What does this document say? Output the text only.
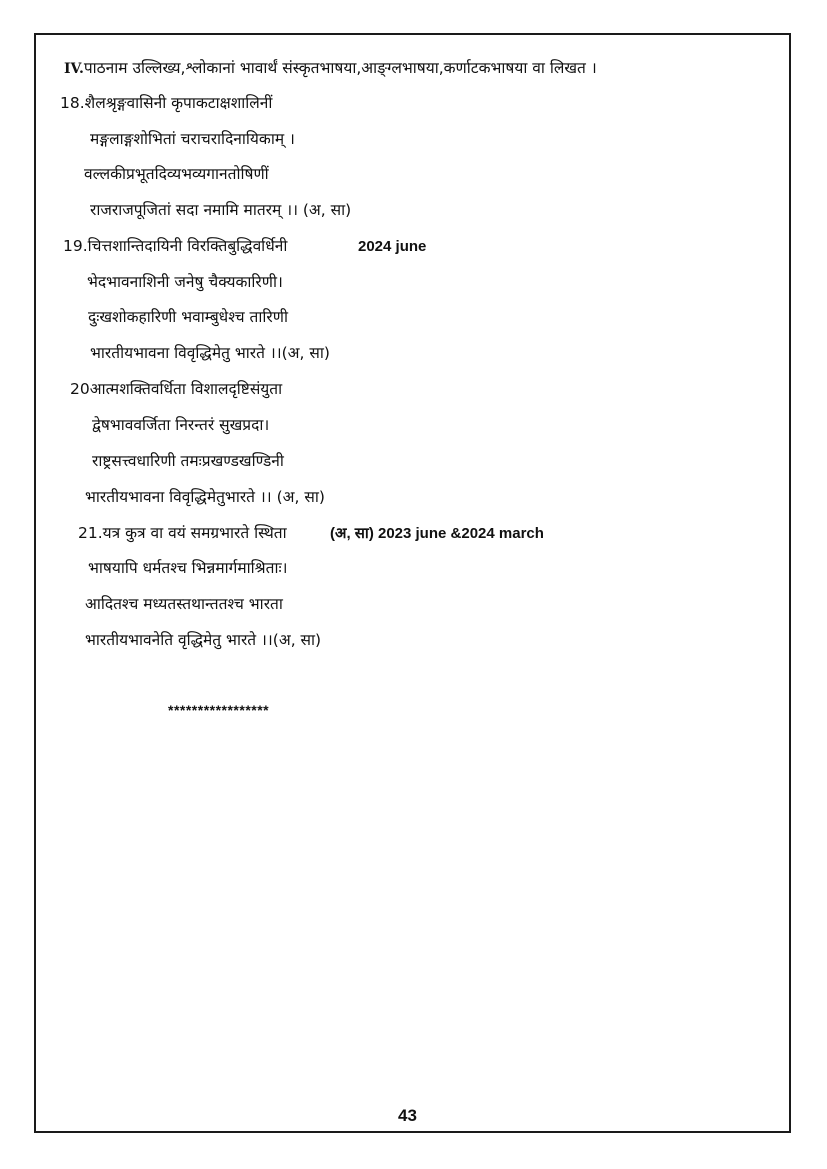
IV.पाठनाम उल्लिख्य,श्लोकानां भावार्थं संस्कृतभाषया,आङ्ग्लभाषया,कर्णाटकभाषया वा लिखत ।
18.शैलश्रृङ्गवासिनी कृपाकटाक्षशालिनीं
मङ्गलाङ्गशोभितां चराचरादिनायिकाम् ।
वल्लकीप्रभूतदिव्यभव्यगानतोषिणीं
राजराजपूजितां सदा नमामि मातरम् ।। (अ, सा)
19.चित्तशान्तिदायिनी विरक्तिबुद्धिवर्धिनी	2024 june
भेदभावनाशिनी जनेषु चैक्यकारिणी।
दुःखशोकहारिणी भवाम्बुधेश्च तारिणी
भारतीयभावना विवृद्धिमेतु भारते ।।(अ, सा)
20आत्मशक्तिवर्धिता विशालदृष्टिसंयुता
द्वेषभाववर्जिता निरन्तरं सुखप्रदा।
राष्ट्रसत्त्वधारिणी तमःप्रखण्डखण्डिनी
भारतीयभावना विवृद्धिमेतुभारते ।। (अ, सा)
21.यत्र कुत्र वा वयं समग्रभारते स्थिता	(अ, सा) 2023 june &2024 march
भाषयापि धर्मतश्च भिन्नमार्गमाश्रिताः।
आदितश्च मध्यतस्तथान्ततश्च भारता
भारतीयभावनेति वृद्धिमेतु भारते ।।(अ, सा)
*****************
43
